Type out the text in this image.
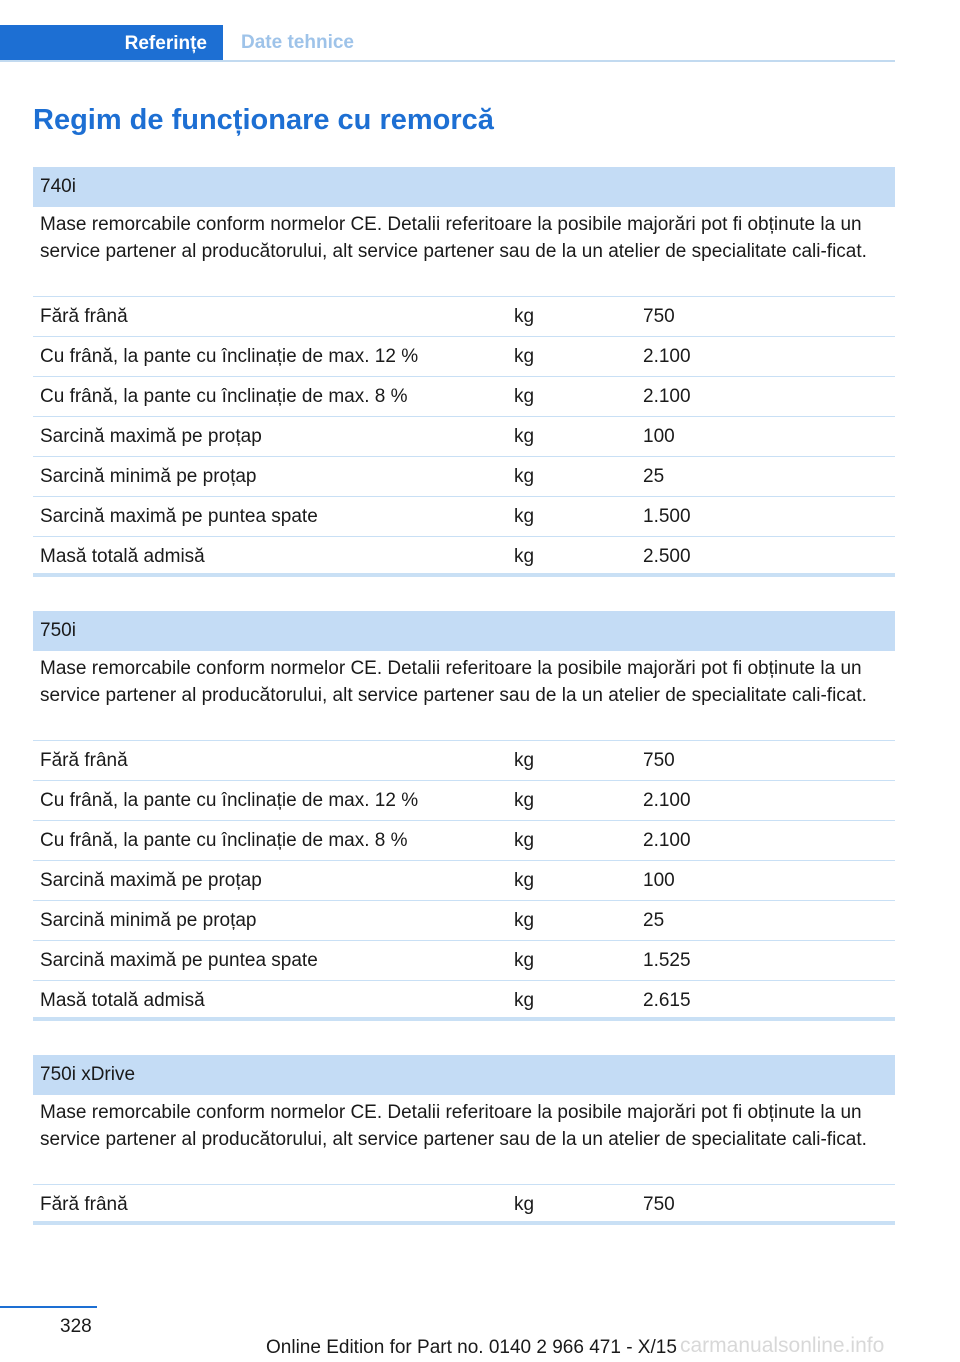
Referințe	Date tehnice
Regim de funcționare cu remorcă
740i
Mase remorcabile conform normelor CE. Detalii referitoare la posibile majorări pot fi obținute la un service partener al producătorului, alt service partener sau de la un atelier de specialitate cali-ficat.
Fără frână	kg	750
Cu frână, la pante cu înclinație de max. 12 %	kg	2.100
Cu frână, la pante cu înclinație de max. 8 %	kg	2.100
Sarcină maximă pe proțap	kg	100
Sarcină minimă pe proțap	kg	25
Sarcină maximă pe puntea spate	kg	1.500
Masă totală admisă	kg	2.500
750i
Mase remorcabile conform normelor CE. Detalii referitoare la posibile majorări pot fi obținute la un service partener al producătorului, alt service partener sau de la un atelier de specialitate cali-ficat.
Fără frână	kg	750
Cu frână, la pante cu înclinație de max. 12 %	kg	2.100
Cu frână, la pante cu înclinație de max. 8 %	kg	2.100
Sarcină maximă pe proțap	kg	100
Sarcină minimă pe proțap	kg	25
Sarcină maximă pe puntea spate	kg	1.525
Masă totală admisă	kg	2.615
750i xDrive
Mase remorcabile conform normelor CE. Detalii referitoare la posibile majorări pot fi obținute la un service partener al producătorului, alt service partener sau de la un atelier de specialitate cali-ficat.
Fără frână	kg	750
328
Online Edition for Part no. 0140 2 966 471 - X/15 carmanualsonline.info
